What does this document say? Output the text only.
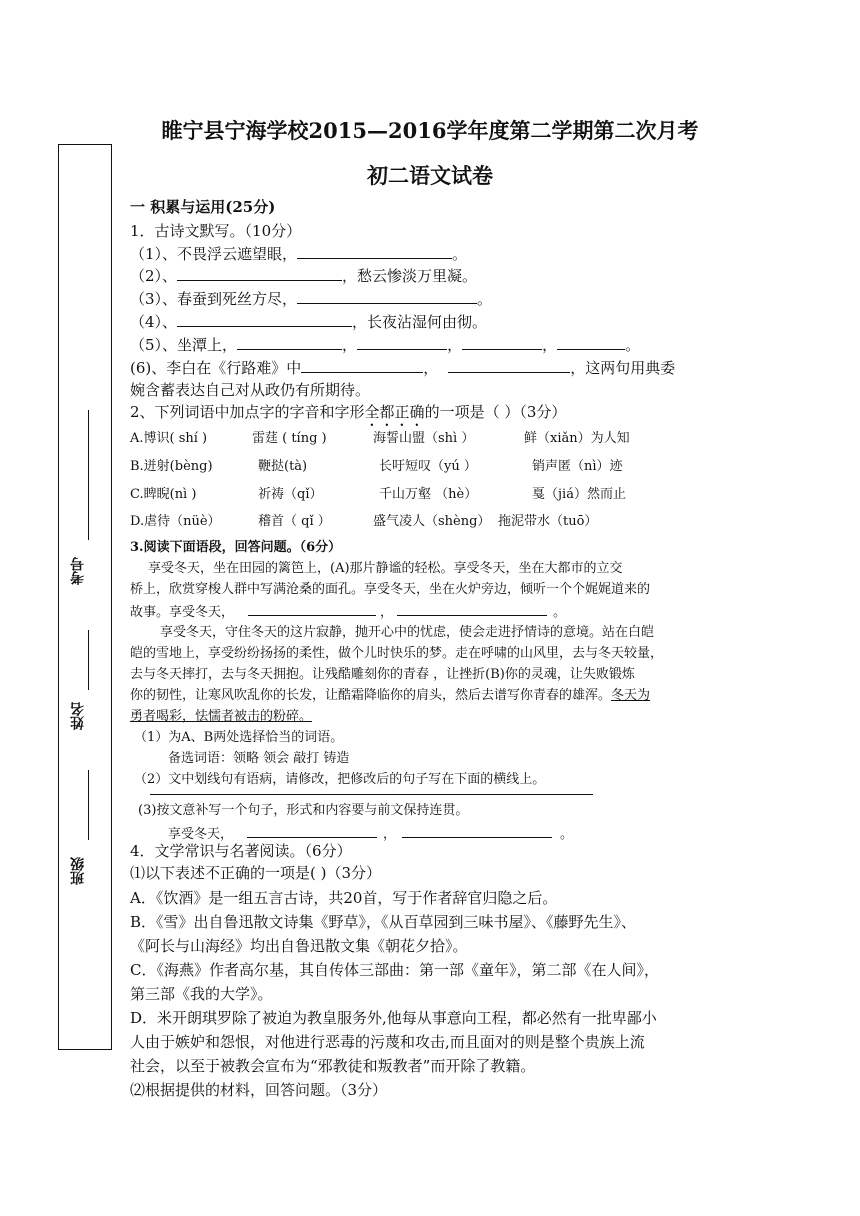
睢宁县宁海学校2015—2016学年度第二学期第二次月考
初二语文试卷
考号
姓名
班级
一 积累与运用(25分)
1．古诗文默写。（10分）
（1）、不畏浮云遮望眼，	。
（2）、	，愁云惨淡万里凝。
（3）、春蚕到死丝方尽，	。
（4）、	，长夜沾湿何由彻。
（5）、坐潭上，	，	，	，	。
(6)、李白在《行路难》中	，	，这两句用典委
婉含蓄表达自己对从政仍有所期待。
2、下列词语中加点字的字音和字形全都正确的一项是（ ）（3分）
A.博识( shí )	雷莛 ( tíng )	海誓山盟（shì ）	鲜（xiǎn）为人知
B.迸射(bèng)	鞭挞(tà)	长吁短叹（yú ）	销声匿（nì）迹
C.睥睨(nì )	祈祷（qǐ）	千山万壑 （hè）	戛（jiá）然而止
D.虐待（nüè）	稽首（ qǐ ）	盛气凌人（shèng） 拖泥带水（tuō）
3.阅读下面语段，回答问题。（6分）
享受冬天，坐在田园的篱笆上，(A)那片静谧的轻松。享受冬天，坐在大都市的立交
桥上，欣赏穿梭人群中写满沧桑的面孔。享受冬天，坐在火炉旁边，倾听一个个娓娓道来的
故事。享受冬天，	，	。
享受冬天，守住冬天的这片寂静，抛开心中的忧虑，使会走进抒情诗的意境。站在白皑
皑的雪地上，享受纷纷扬扬的柔性，做个儿时快乐的梦。走在呼啸的山风里，去与冬天较量，
去与冬天摔打，去与冬天拥抱。让残酷雕刻你的青春 ，让挫折(B)你的灵魂，让失败锻炼
你的韧性，让寒风吹乱你的长发，让酷霜降临你的肩头，然后去谱写你青春的雄浑。冬天为
勇者喝彩，怯懦者被击的粉碎。
（1）为A、B两处选择恰当的词语。
备选词语：领略 领会 敲打 铸造
（2）文中划线句有语病，请修改，把修改后的句子写在下面的横线上。
(3)按文意补写一个句子，形式和内容要与前文保持连贯。
享受冬天，	，	。
4．文学常识与名著阅读。（6分）
⑴以下表述不正确的一项是( )（3分）
A．《饮酒》是一组五言古诗，共20首，写于作者辞官归隐之后。
B．《雪》出自鲁迅散文诗集《野草》，《从百草园到三味书屋》、《藤野先生》、
《阿长与山海经》均出自鲁迅散文集《朝花夕拾》。
C．《海燕》作者高尔基，其自传体三部曲：第一部《童年》，第二部《在人间》，
第三部《我的大学》。
D．米开朗琪罗除了被迫为教皇服务外,他每从事意向工程，都必然有一批卑鄙小
人由于嫉妒和怨恨，对他进行恶毒的污蔑和攻击,而且面对的则是整个贵族上流
社会，以至于被教会宣布为“邪教徒和叛教者”而开除了教籍。
⑵根据提供的材料，回答问题。（3分）
